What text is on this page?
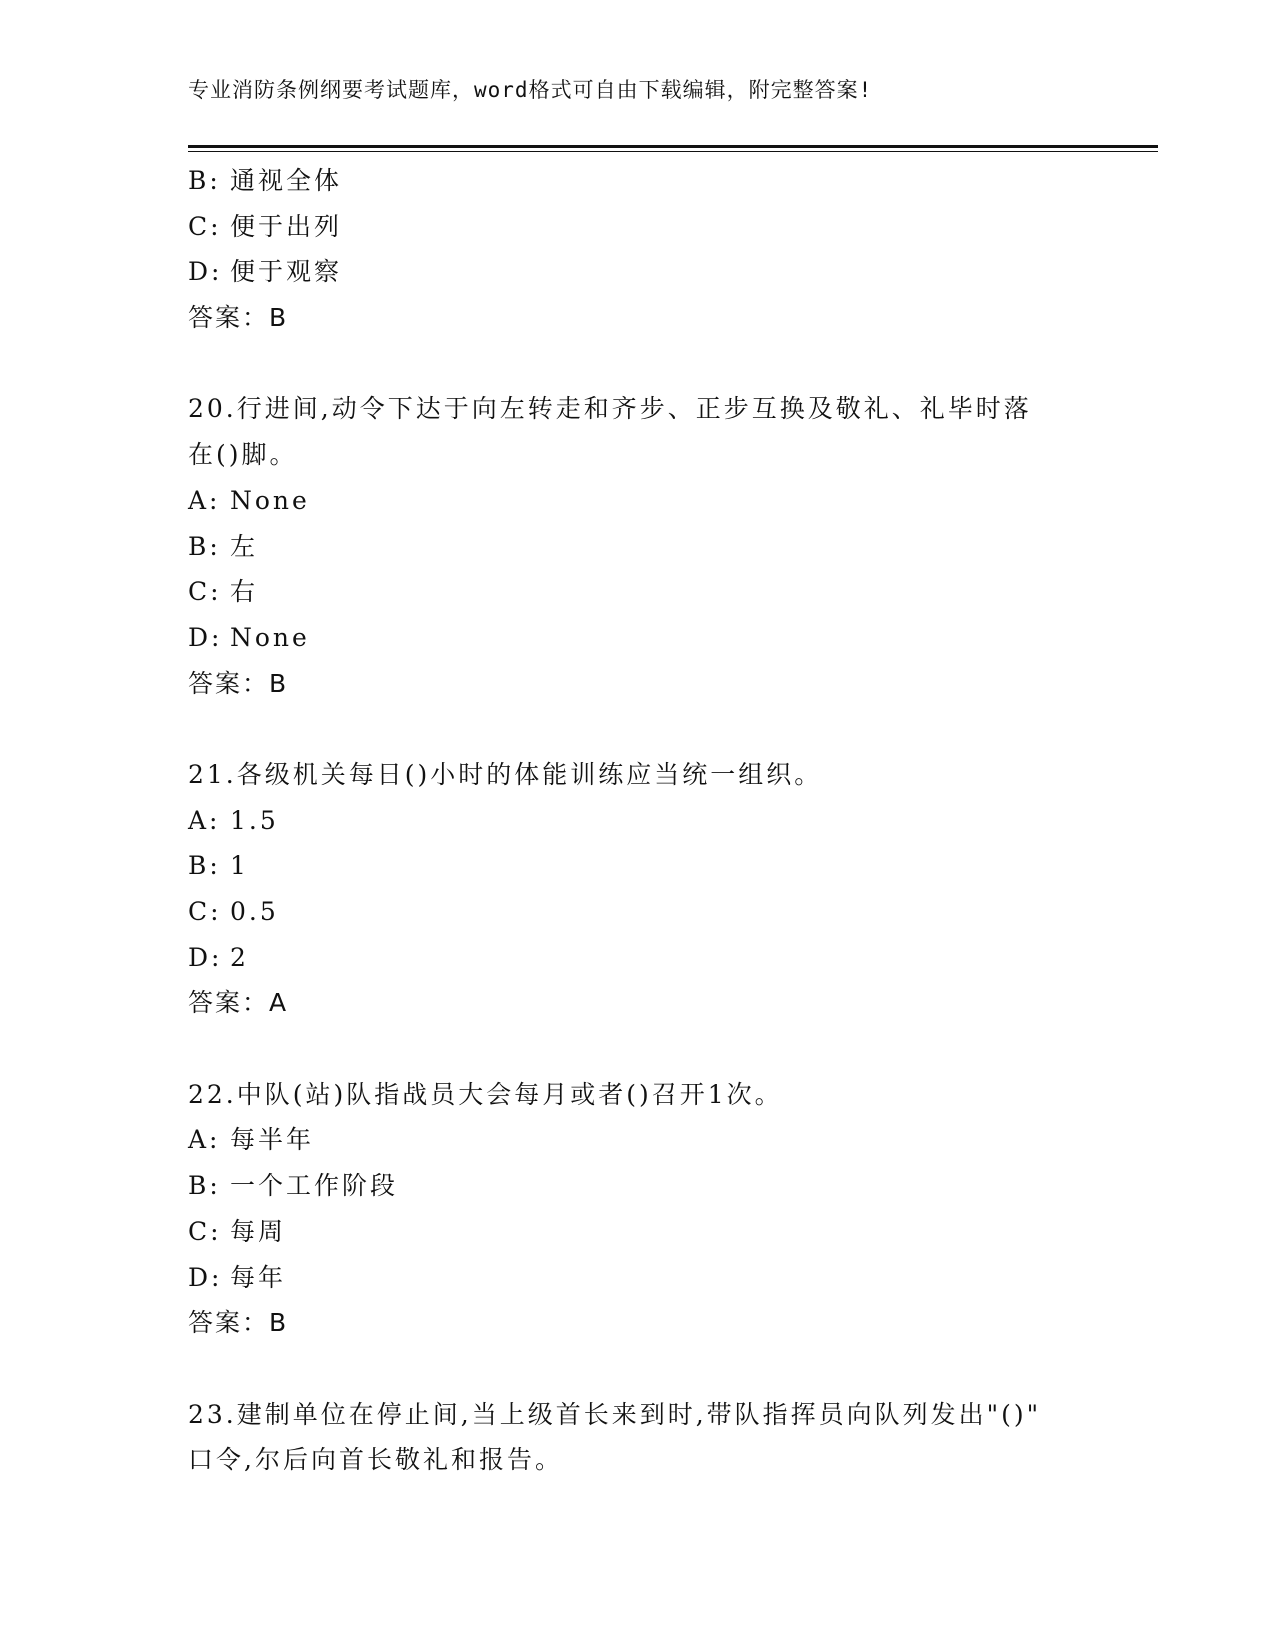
专业消防条例纲要考试题库，word格式可自由下载编辑，附完整答案!
B: 通视全体
C: 便于出列
D: 便于观察
答案：B
20.行进间,动令下达于向左转走和齐步、正步互换及敬礼、礼毕时落
在()脚。
A: None
B: 左
C: 右
D: None
答案：B
21.各级机关每日()小时的体能训练应当统一组织。
A: 1.5
B: 1
C: 0.5
D: 2
答案：A
22.中队(站)队指战员大会每月或者()召开1次。
A: 每半年
B: 一个工作阶段
C: 每周
D: 每年
答案：B
23.建制单位在停止间,当上级首长来到时,带队指挥员向队列发出"()"
口令,尔后向首长敬礼和报告。
